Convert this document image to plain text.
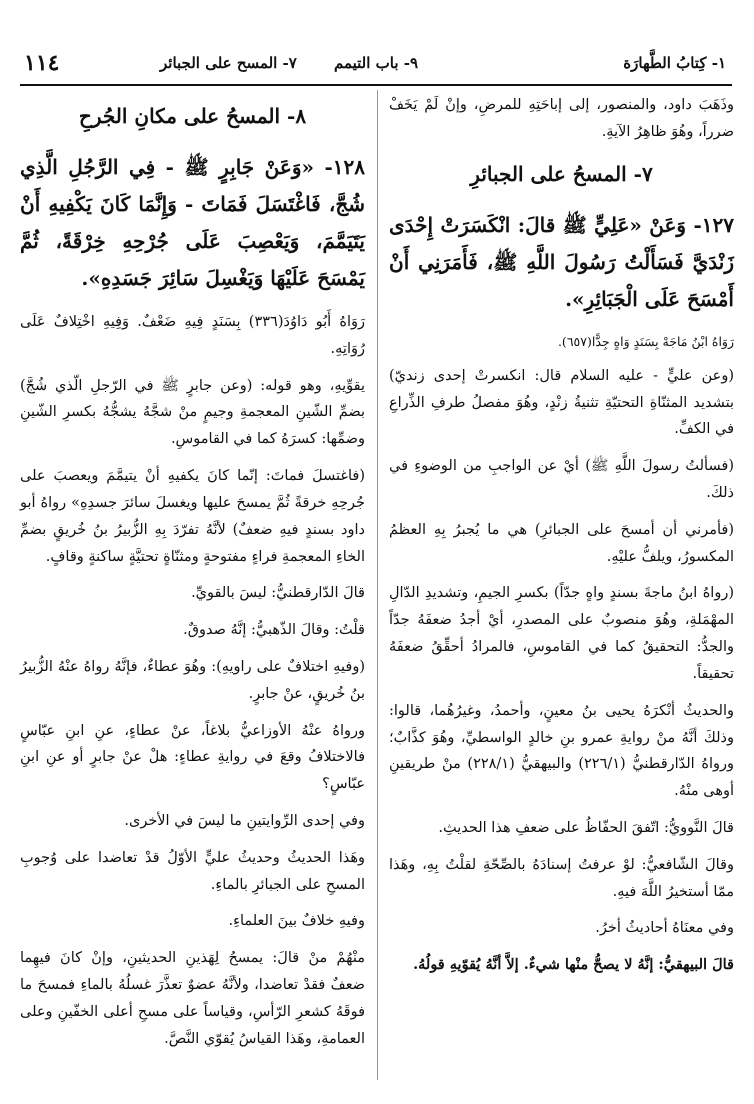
١- كِتابُ الطَّهارَة
٩- باب التيمم
٧- المسح على الجبائر
١١٤

وذَهَبَ داود، والمنصور، إلى إباحَتِهِ للمرضِ، وإنْ لَمْ يَخَفْ ضرراً، وهُوَ ظاهِرُ الآيةِ.

٧- المسحُ على الجبائرِ
١٢٧- وَعَنْ «عَلِيٍّ ﷺ قالَ: انْكَسَرَتْ إِحْدَى زَنْدَيَّ فَسَأَلْتُ رَسُولَ اللَّهِ ﷺ، فَأَمَرَنِي أَنْ أَمْسَحَ عَلَى الْجَبَائِرِ».

رَوَاهُ ابْنُ مَاجَهْ بِسَنَدٍ وَاهٍ جِدًّا(٦٥٧).

(وعن عليٍّ - عليه السلام قال: انكسرتْ إحدى زنديّ) بتشديد المثنّاةِ التحتيّةِ تثنيةُ زنْدٍ، وهُوَ مفصلُ طرفِ الذِّراعِ في الكفِّ.

(فسألتُ رسولَ اللَّهِ ﷺ) أيْ عن الواجبِ من الوضوءِ في ذلكَ.

(فأمرني أن أمسحَ على الجبائرِ) هي ما يُجبرُ بِهِ العظمُ المكسورُ، ويلفُّ عليْهِ.

(رواهُ ابنُ ماجةَ بسندٍ واهٍ جدّاً) بكسرِ الجيمِ، وتشديدِ الدّالِ المهْمَلةِ، وهُوَ منصوبٌ على المصدرِ، أيْ أجدُ ضعفَهُ جدّاً والجدُّ: التحقيقُ كما في القاموسِ، فالمرادُ أحقِّقُ ضعفَهُ تحقيقاً.

والحديثُ أنْكرَهُ يحيى بنُ معينٍ، وأحمدُ، وغيرُهُما، قالوا: وذلكَ أنَّهُ منْ روايةِ عمرو بنِ خالدٍ الواسطيِّ، وهُوَ كذَّابٌ؛ ورواهُ الدّارقطنيُّ (٢٢٦/١) والبيهقيُّ (٢٢٨/١) منْ طريقينِ أوهى منْهُ.

قالَ النَّوويُّ: اتّفقَ الحفّاظُ على ضعفِ هذا الحديثِ.

وقالَ الشّافعيُّ: لوْ عرفتُ إسنادَهُ بالصِّحّةِ لقلْتُ بِهِ، وهَذا ممّا أستخيرُ اللَّهَ فيهِ.

وفي معنَاهُ أحاديثُ أخرُ.

قالَ البيهقيُّ: إنَّهُ لا يصحُّ منْها شيءٌ. إلاَّ أنَّهُ يُقوّيهِ قولُهُ.

٨- المسحُ على مكانِ الجُرحِ
١٢٨- «وَعَنْ جَابِرٍ ﷺ - فِي الرَّجُلِ الَّذِي شُجَّ، فَاغْتَسَلَ فَمَاتَ - وَإِنَّمَا كَانَ يَكْفِيهِ أَنْ يَتَيَمَّمَ، وَيَعْصِبَ عَلَى جُرْحِهِ خِرْقَةً، ثُمَّ يَمْسَحَ عَلَيْهَا وَيَغْسِلَ سَائِرَ جَسَدِهِ».

رَوَاهُ أَبُو دَاوُدَ(٣٣٦) بِسَنَدٍ فِيهِ ضَعْفٌ. وَفِيهِ اخْتِلافٌ عَلَى رُوَاتِهِ.

يقوِّيهِ، وهو قوله: (وعن جابرٍ ﷺ في الرّجلِ الّذي شُجَّ) بضمِّ الشّينِ المعجمةِ وجيمٍ منْ شجَّهُ يشجُّهُ بكسرِ الشّينِ وضمِّها: كسرَهُ كما في القاموسِ.

(فاغتسلَ فماتَ: إنّما كانَ يكفيهِ أنْ يتيمَّمَ ويعصبَ على جُرحِهِ خرقةً ثُمَّ يمسحَ عليها ويغسلَ سائرَ جسدِهِ» رواهُ أبو داود بسندٍ فيهِ ضعفٌ) لأنَّهُ تفرّدَ بِهِ الزُّبيرُ بنُ خُريقٍ بضمِّ الخاءِ المعجمةِ فراءٍ مفتوحةٍ ومثنّاةٍ تحتيَّةٍ ساكنةٍ وقافٍ.

قالَ الدّارقطنيُّ: ليسَ بالقويِّ.

قلْتُ: وقالَ الذّهبيُّ: إنَّهُ صدوقٌ.

(وفيهِ اختلافٌ على راويهِ): وهُوَ عطاءٌ، فإنَّهُ رواهُ عنْهُ الزُّبيرُ بنُ خُريقٍ، عنْ جابرٍ.

ورواهُ عنْهُ الأوزاعيُّ بلاغاً، عنْ عطاءٍ، عنِ ابنِ عبّاسٍ فالاختلافُ وقعَ في روايةِ عطاءٍ: هلْ عنْ جابرٍ أو عنِ ابنِ عبّاسٍ؟

وفي إحدى الرِّوايتينِ ما ليسَ في الأخرى.

وهَذا الحديثُ وحديثُ عليٍّ الأوّلُ قدْ تعاضدا على وُجوبِ المسحِ على الجبائرِ بالماءِ.

وفيهِ خلافٌ بينَ العلماءِ.

منْهُمْ منْ قالَ: يمسحُ لِهَذينِ الحديثينِ، وإنْ كانَ فيهِما ضعفٌ فقدْ تعاضدا، ولأنَّهُ عضوٌ تعذَّرَ غسلُهُ بالماءِ فمسحَ ما فوقَهُ كشعرِ الرّأسِ، وقياساً على مسحِ أعلى الخفّينِ وعلى العمامةِ، وهَذا القياسُ يُقوّي النَّصَّ.
